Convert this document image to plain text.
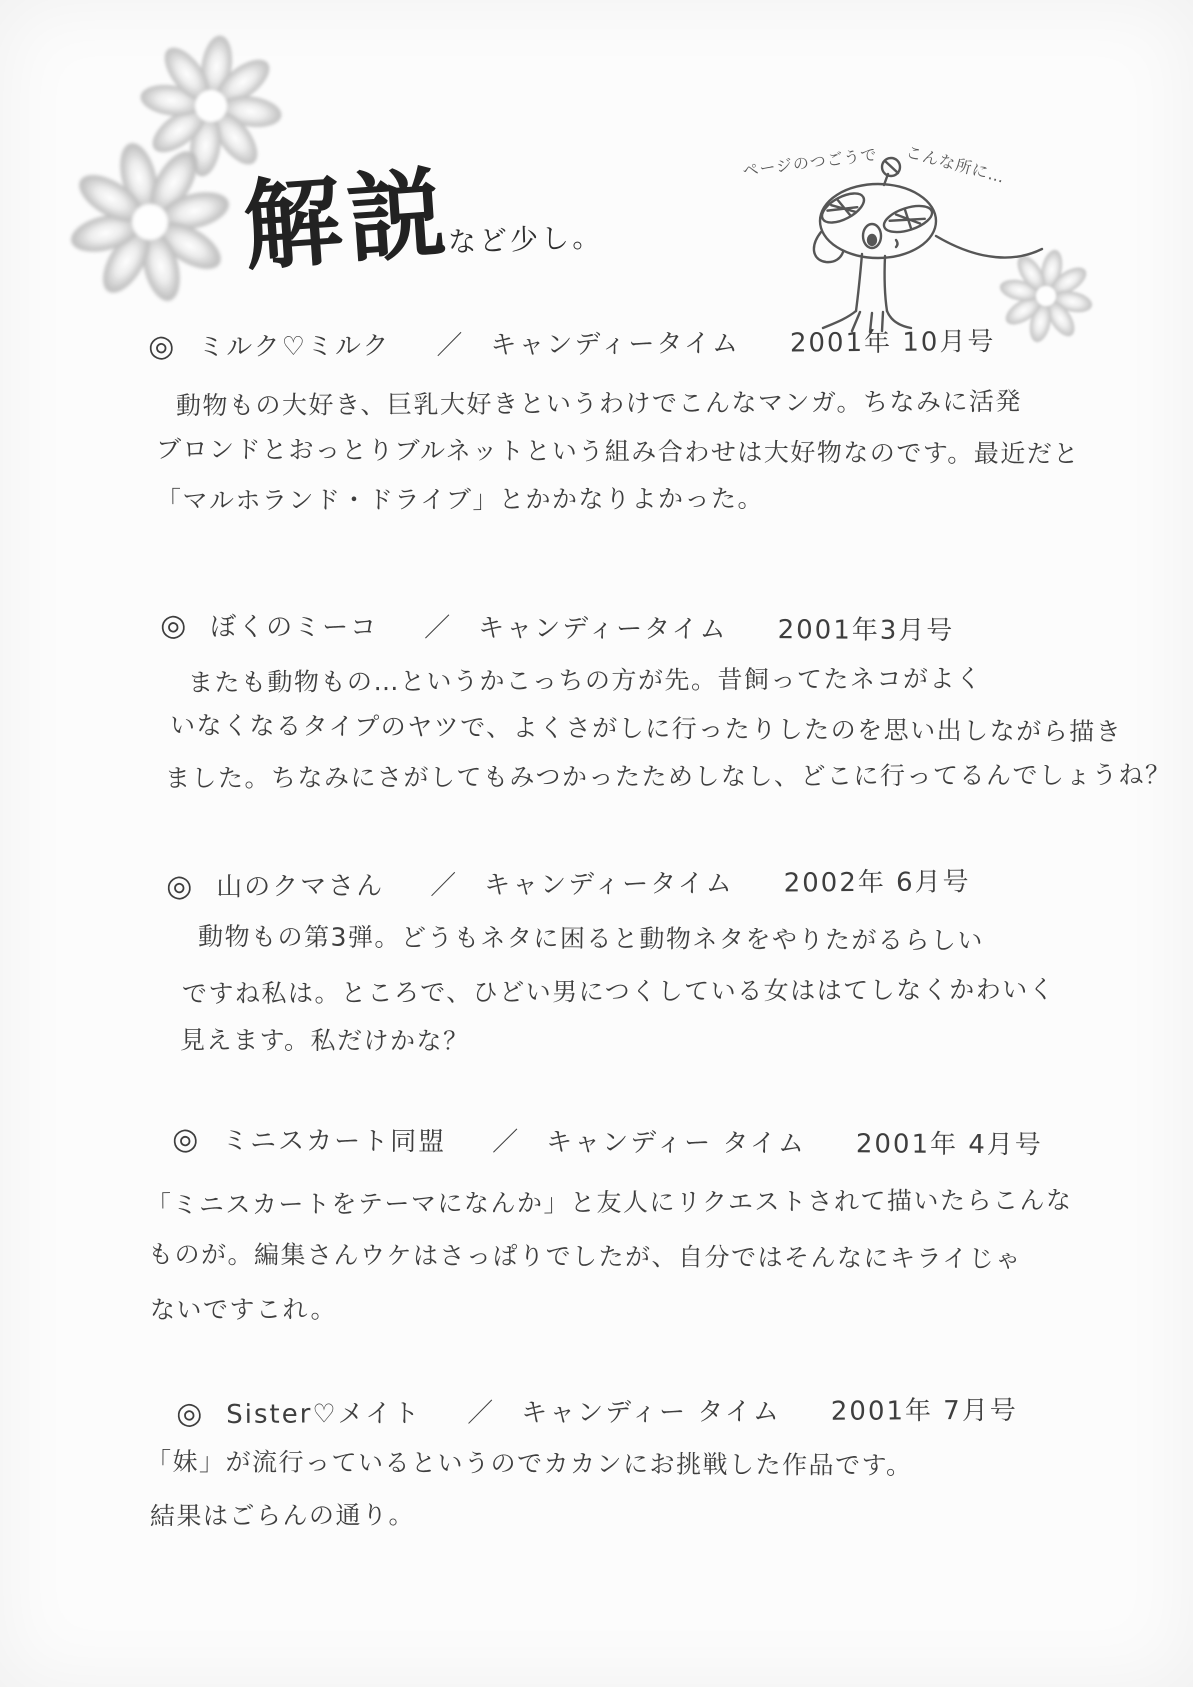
解説
など少し。
ページのつごうで こんな所に…
◎ ミルク♡ミルク ／ キャンディータイム 2001年 10月号
動物もの大好き、巨乳大好きというわけでこんなマンガ。ちなみに活発
ブロンドとおっとりブルネットという組み合わせは大好物なのです。最近だと
「マルホランド・ドライブ」とかかなりよかった。
◎ ぼくのミーコ ／ キャンディータイム 2001年3月号
またも動物もの…というかこっちの方が先。昔飼ってたネコがよく
いなくなるタイプのヤツで、よくさがしに行ったりしたのを思い出しながら描き
ました。ちなみにさがしてもみつかったためしなし、どこに行ってるんでしょうね？
◎ 山のクマさん ／ キャンディータイム 2002年 6月号
動物もの第3弾。どうもネタに困ると動物ネタをやりたがるらしい
ですね私は。ところで、ひどい男につくしている女ははてしなくかわいく
見えます。私だけかな？
◎ ミニスカート同盟 ／ キャンディー タイム 2001年 4月号
「ミニスカートをテーマになんか」と友人にリクエストされて描いたらこんな
ものが。編集さんウケはさっぱりでしたが、自分ではそんなにキライじゃ
ないですこれ。
◎ Sister♡メイト ／ キャンディー タイム 2001年 7月号
「妹」が流行っているというのでカカンにお挑戦した作品です。
結果はごらんの通り。
